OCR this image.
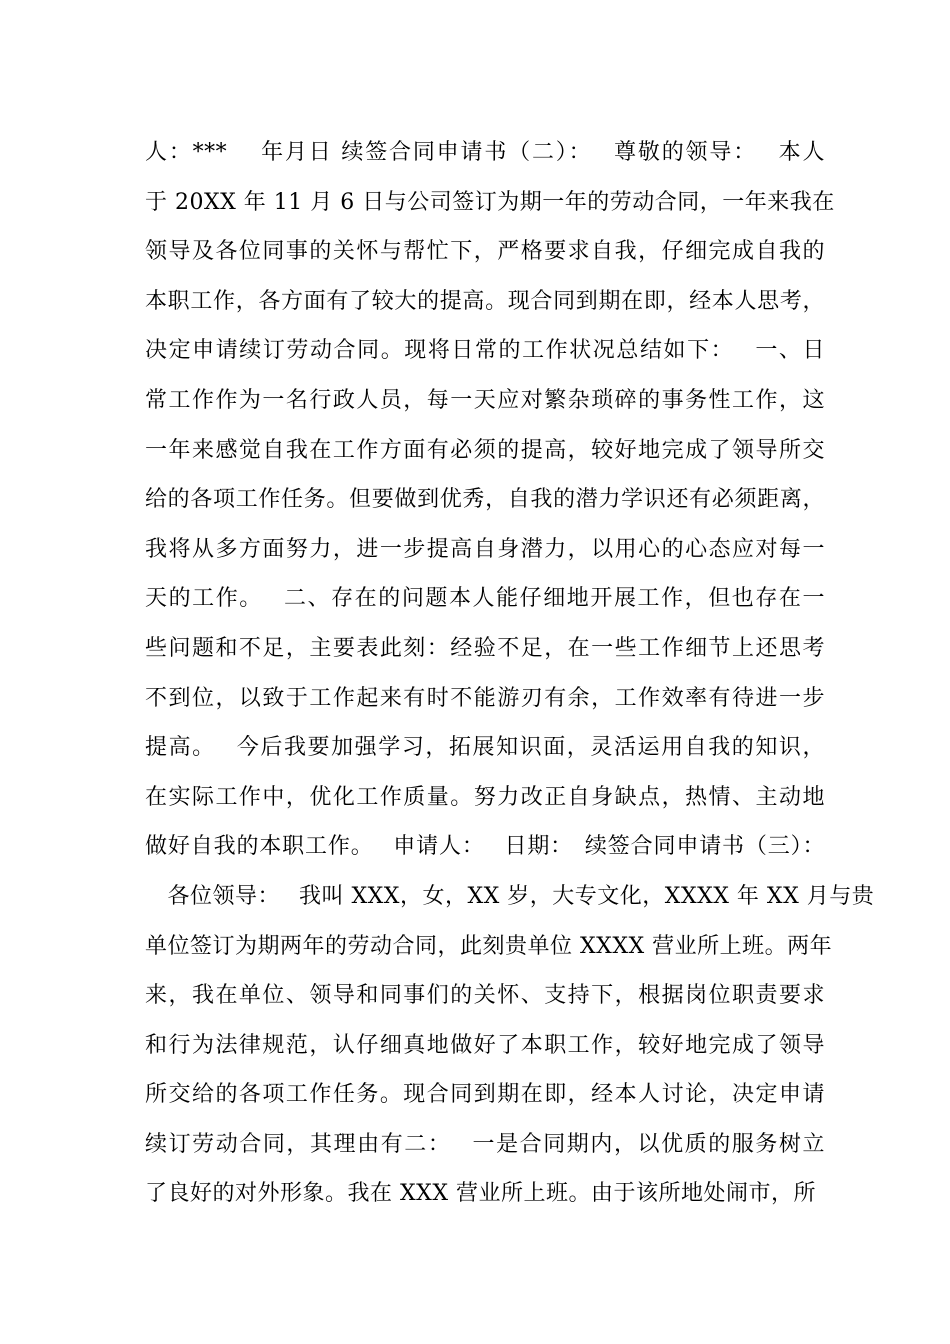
人：***　 年月日 续签合同申请书（二）：　 尊敬的领导：　 本人
于 20XX 年 11 月 6 日与公司签订为期一年的劳动合同，一年来我在
领导及各位同事的关怀与帮忙下，严格要求自我，仔细完成自我的
本职工作，各方面有了较大的提高。现合同到期在即，经本人思考，
决定申请续订劳动合同。现将日常的工作状况总结如下：　 一、日
常工作作为一名行政人员，每一天应对繁杂琐碎的事务性工作，这
一年来感觉自我在工作方面有必须的提高，较好地完成了领导所交
给的各项工作任务。但要做到优秀，自我的潜力学识还有必须距离，
我将从多方面努力，进一步提高自身潜力，以用心的心态应对每一
天的工作。　 二、存在的问题本人能仔细地开展工作，但也存在一
些问题和不足，主要表此刻：经验不足，在一些工作细节上还思考
不到位，以致于工作起来有时不能游刃有余，工作效率有待进一步
提高。　 今后我要加强学习，拓展知识面，灵活运用自我的知识，
在实际工作中，优化工作质量。努力改正自身缺点，热情、主动地
做好自我的本职工作。　 申请人：　 日期：　续签合同申请书（三）：
　各位领导：　 我叫 XXX，女，XX 岁，大专文化，XXXX 年 XX 月与贵
单位签订为期两年的劳动合同，此刻贵单位 XXXX 营业所上班。两年
来，我在单位、领导和同事们的关怀、支持下，根据岗位职责要求
和行为法律规范，认仔细真地做好了本职工作，较好地完成了领导
所交给的各项工作任务。现合同到期在即，经本人讨论，决定申请
续订劳动合同，其理由有二：　 一是合同期内，以优质的服务树立
了良好的对外形象。我在 XXX 营业所上班。由于该所地处闹市，所
